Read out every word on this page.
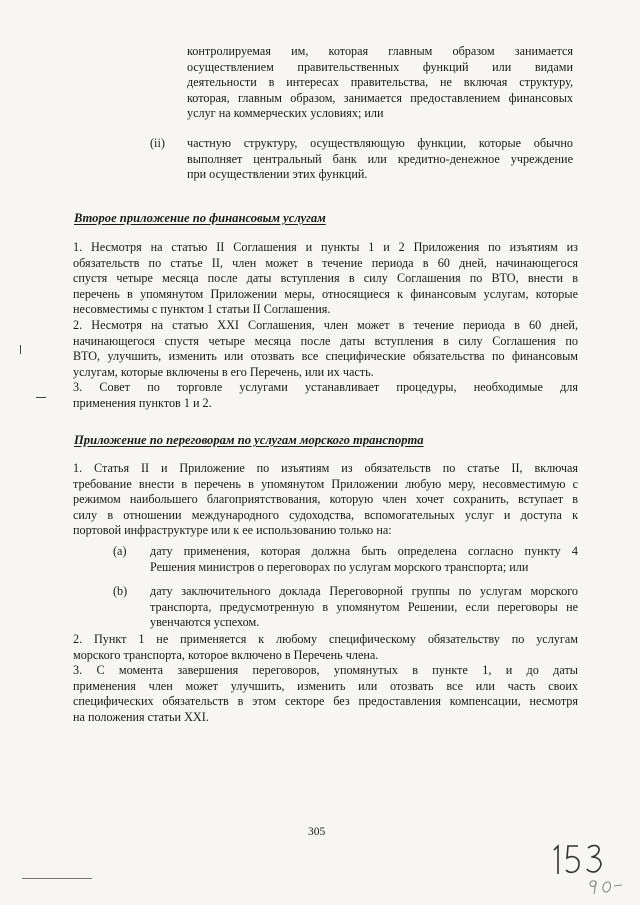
контролируемая им, которая главным образом занимается
осуществлением правительственных функций или видами
деятельности в интересах правительства, не включая структуру,
которая, главным образом, занимается предоставлением финансовых
услуг на коммерческих условиях; или
(ii) частную структуру, осуществляющую функции, которые обычно
выполняет центральный банк или кредитно-денежное учреждение
при осуществлении этих функций.
Второе приложение по финансовым услугам
1. Несмотря на статью II Соглашения и пункты 1 и 2 Приложения по изъятиям из
обязательств по статье II, член может в течение периода в 60 дней, начинающегося
спустя четыре месяца после даты вступления в силу Соглашения по ВТО, внести в
перечень в упомянутом Приложении меры, относящиеся к финансовым услугам, которые
несовместимы с пунктом 1 статьи II Соглашения.
2. Несмотря на статью XXI Соглашения, член может в течение периода в 60 дней,
начинающегося спустя четыре месяца после даты вступления в силу Соглашения по
ВТО, улучшить, изменить или отозвать все специфические обязательства по финансовым
услугам, которые включены в его Перечень, или их часть.
3. Совет по торговле услугами устанавливает процедуры, необходимые для
применения пунктов 1 и 2.
Приложение по переговорам по услугам морского транспорта
1. Статья II и Приложение по изъятиям из обязательств по статье II, включая
требование внести в перечень в упомянутом Приложении любую меру, несовместимую с
режимом наибольшего благоприятствования, которую член хочет сохранить, вступает в
силу в отношении международного судоходства, вспомогательных услуг и доступа к
портовой инфраструктуре или к ее использованию только на:
(a) дату применения, которая должна быть определена согласно пункту 4
Решения министров о переговорах по услугам морского транспорта; или
(b) дату заключительного доклада Переговорной группы по услугам морского
транспорта, предусмотренную в упомянутом Решении, если переговоры не
увенчаются успехом.
2. Пункт 1 не применяется к любому специфическому обязательству по услугам
морского транспорта, которое включено в Перечень члена.
3. С момента завершения переговоров, упомянутых в пункте 1, и до даты
применения член может улучшить, изменить или отозвать все или часть своих
специфических обязательств в этом секторе без предоставления компенсации, несмотря
на положения статьи XXI.
305
